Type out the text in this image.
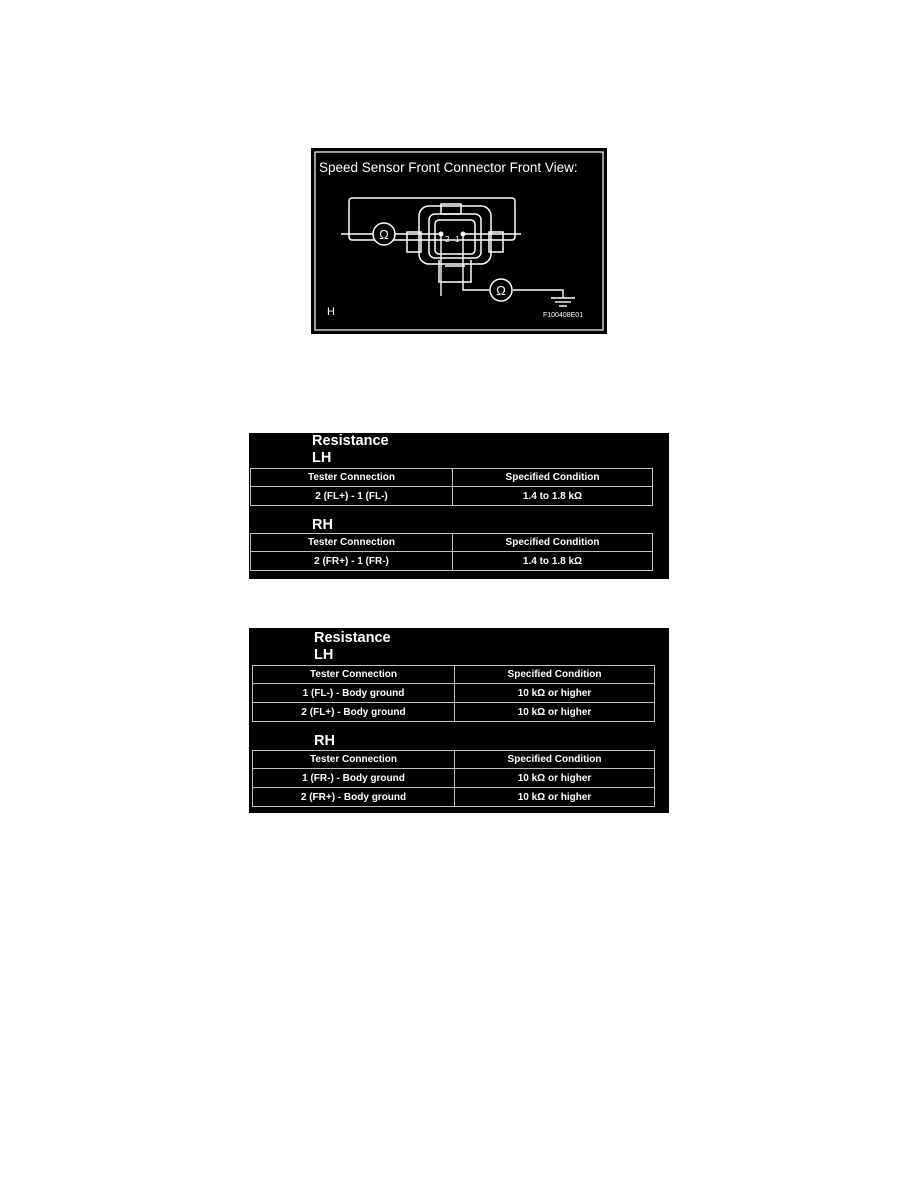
Ω
Ω
2 1
Speed Sensor Front Connector Front View:
H	F100408E01
Resistance
LH
Tester Connection	Specified Condition
2 (FL+) - 1 (FL-)	1.4 to 1.8 kΩ
RH
Tester Connection	Specified Condition
2 (FR+) - 1 (FR-)	1.4 to 1.8 kΩ
Resistance
LH
Tester Connection	Specified Condition
1 (FL-) - Body ground	10 kΩ or higher
2 (FL+) - Body ground	10 kΩ or higher
RH
Tester Connection	Specified Condition
1 (FR-) - Body ground	10 kΩ or higher
2 (FR+) - Body ground	10 kΩ or higher
